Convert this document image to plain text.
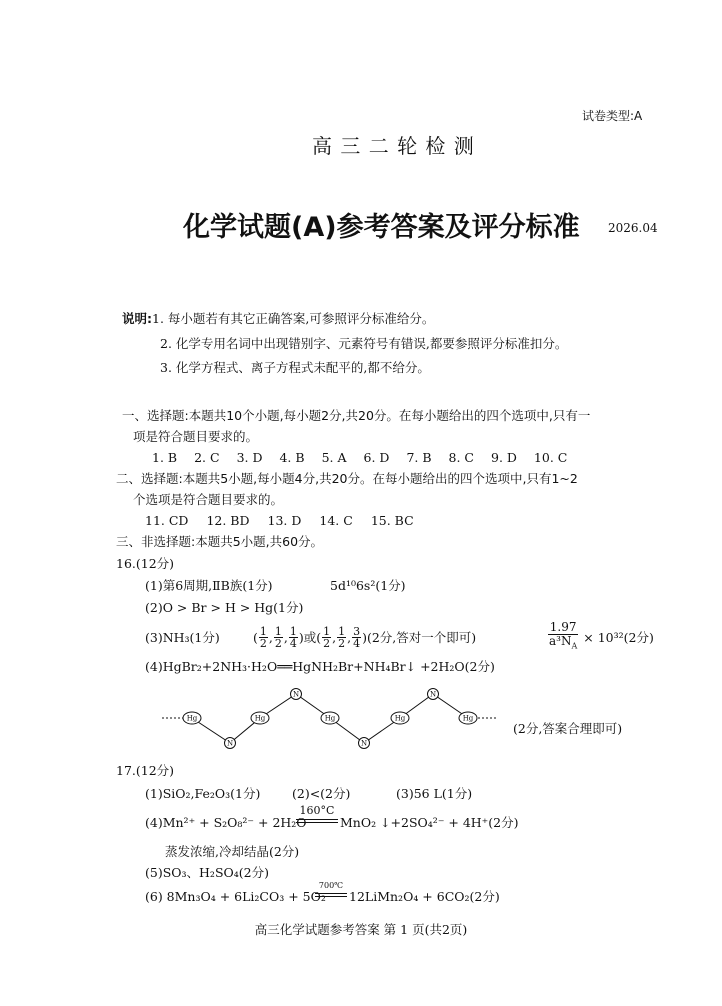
试卷类型:A
高 三 二 轮 检 测
化学试题(A)参考答案及评分标准 2026.04
说明:1. 每小题若有其它正确答案,可参照评分标准给分。
2. 化学专用名词中出现错别字、元素符号有错误,都要参照评分标准扣分。
3. 化学方程式、离子方程式未配平的,都不给分。
一、选择题:本题共10个小题,每小题2分,共20分。在每小题给出的四个选项中,只有一
项是符合题目要求的。
1. B 2. C 3. D 4. B 5. A 6. D 7. B 8. C 9. D 10. C
二、选择题:本题共5小题,每小题4分,共20分。在每小题给出的四个选项中,只有1~2
个选项是符合题目要求的。
11. CD 12. BD 13. D 14. C 15. BC
三、非选择题:本题共5小题,共60分。
16.(12分)
(1)第6周期,ⅡB族(1分)	5d¹⁰6s²(1分)
(2)O > Br > H > Hg(1分)
(3)NH₃(1分)	( $\frac{1}{2}$ , $\frac{1}{2}$ , $\frac{1}{4}$ )或( $\frac{1}{2}$ , $\frac{1}{2}$ , $\frac{3}{4} )(2$分,答对一个即可)	$\frac{1.97}{a^3N_A} \times 10^{32}(2$分)
(4)HgBr₂+2NH₃·H₂O══HgNH₂Br+NH₄Br↓ +2H₂O(2分)
Hg	Hg	Hg	Hg	Hg
N
N
N
N
(2分,答案合理即可)
17.(12分)
(1)SiO₂,Fe₂O₃(1分)	(2)<(2分)	(3)56 L(1分)
(4)Mn²⁺ + S₂O₈²⁻ + 2H₂O
160°C
MnO₂ ↓+2SO₄²⁻ + 4H⁺(2分)
蒸发浓缩,冷却结晶(2分)
(5)SO₃、H₂SO₄(2分)
(6) 8Mn₃O₄ + 6Li₂CO₃ + 5O₂
700℃
12LiMn₂O₄ + 6CO₂(2分)
高三化学试题参考答案 第 1 页(共2页)
